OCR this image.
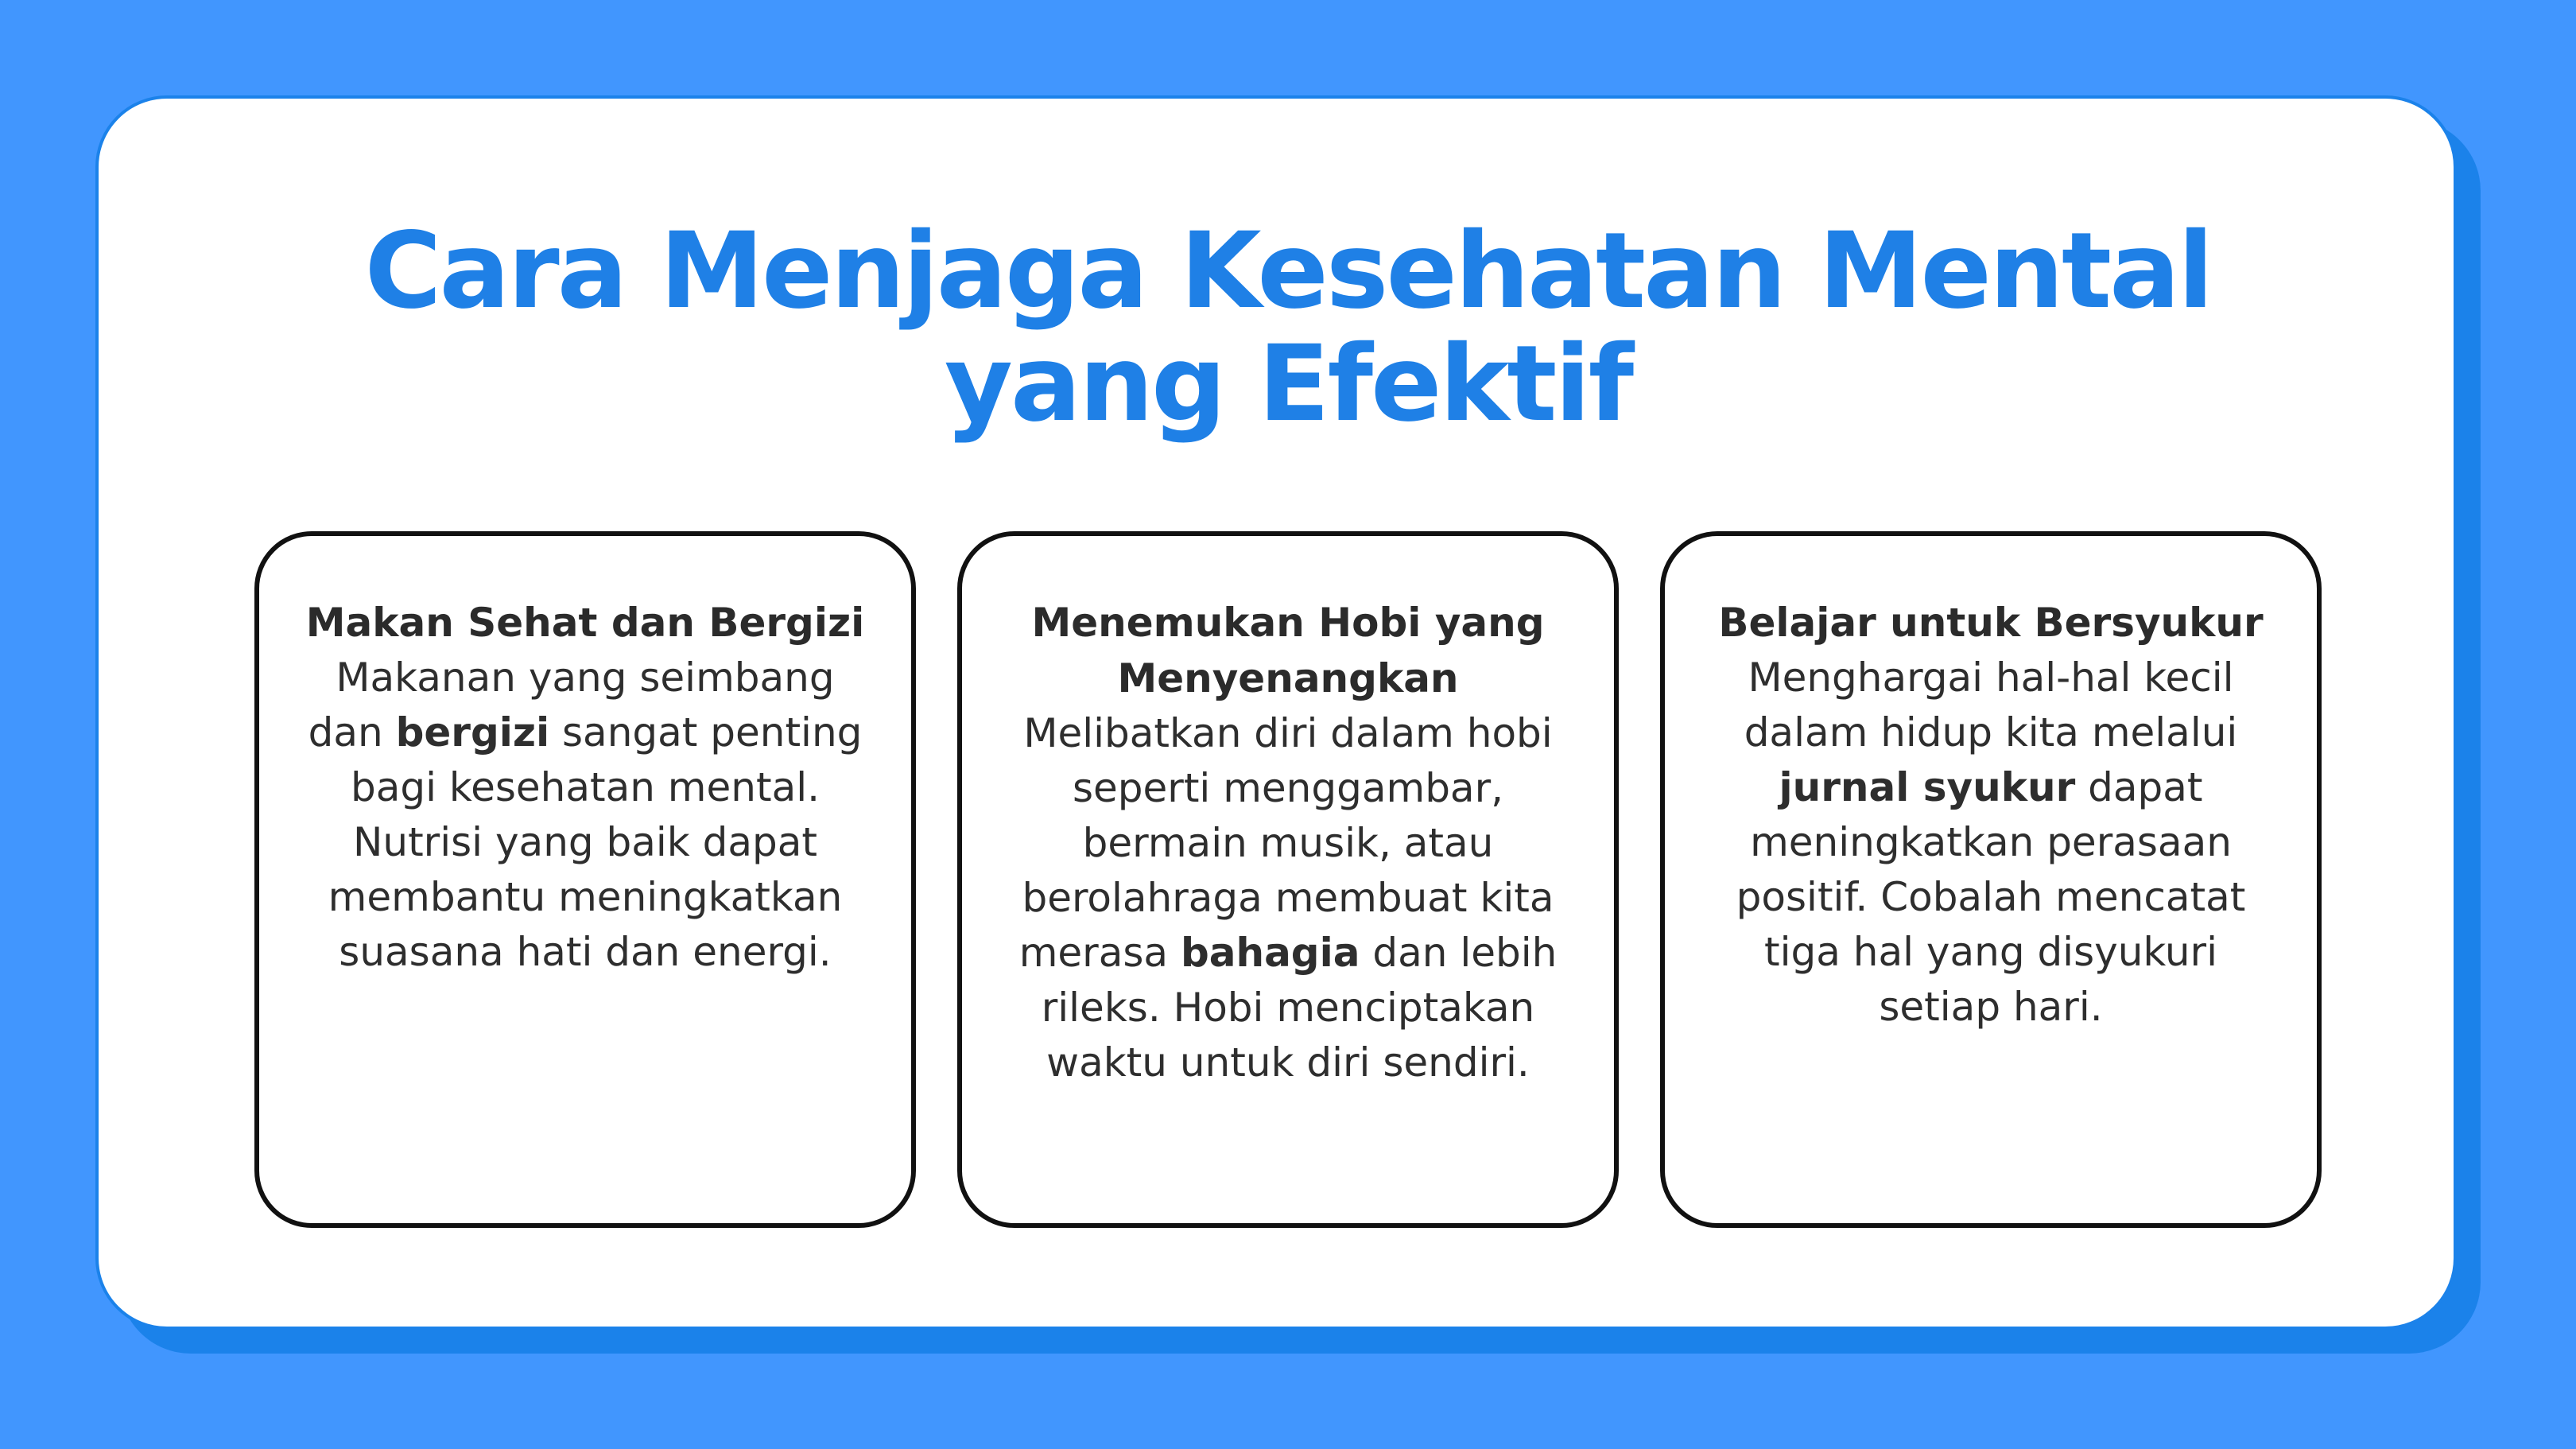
Cara Menjaga Kesehatan Mental yang Efektif

Makan Sehat dan Bergizi

Makanan yang seimbang dan bergizi sangat penting bagi kesehatan mental. Nutrisi yang baik dapat membantu meningkatkan suasana hati dan energi.

Menemukan Hobi yang Menyenangkan

Melibatkan diri dalam hobi seperti menggambar, bermain musik, atau berolahraga membuat kita merasa bahagia dan lebih rileks. Hobi menciptakan waktu untuk diri sendiri.

Belajar untuk Bersyukur

Menghargai hal-hal kecil dalam hidup kita melalui jurnal syukur dapat meningkatkan perasaan positif. Cobalah mencatat tiga hal yang disyukuri setiap hari.
